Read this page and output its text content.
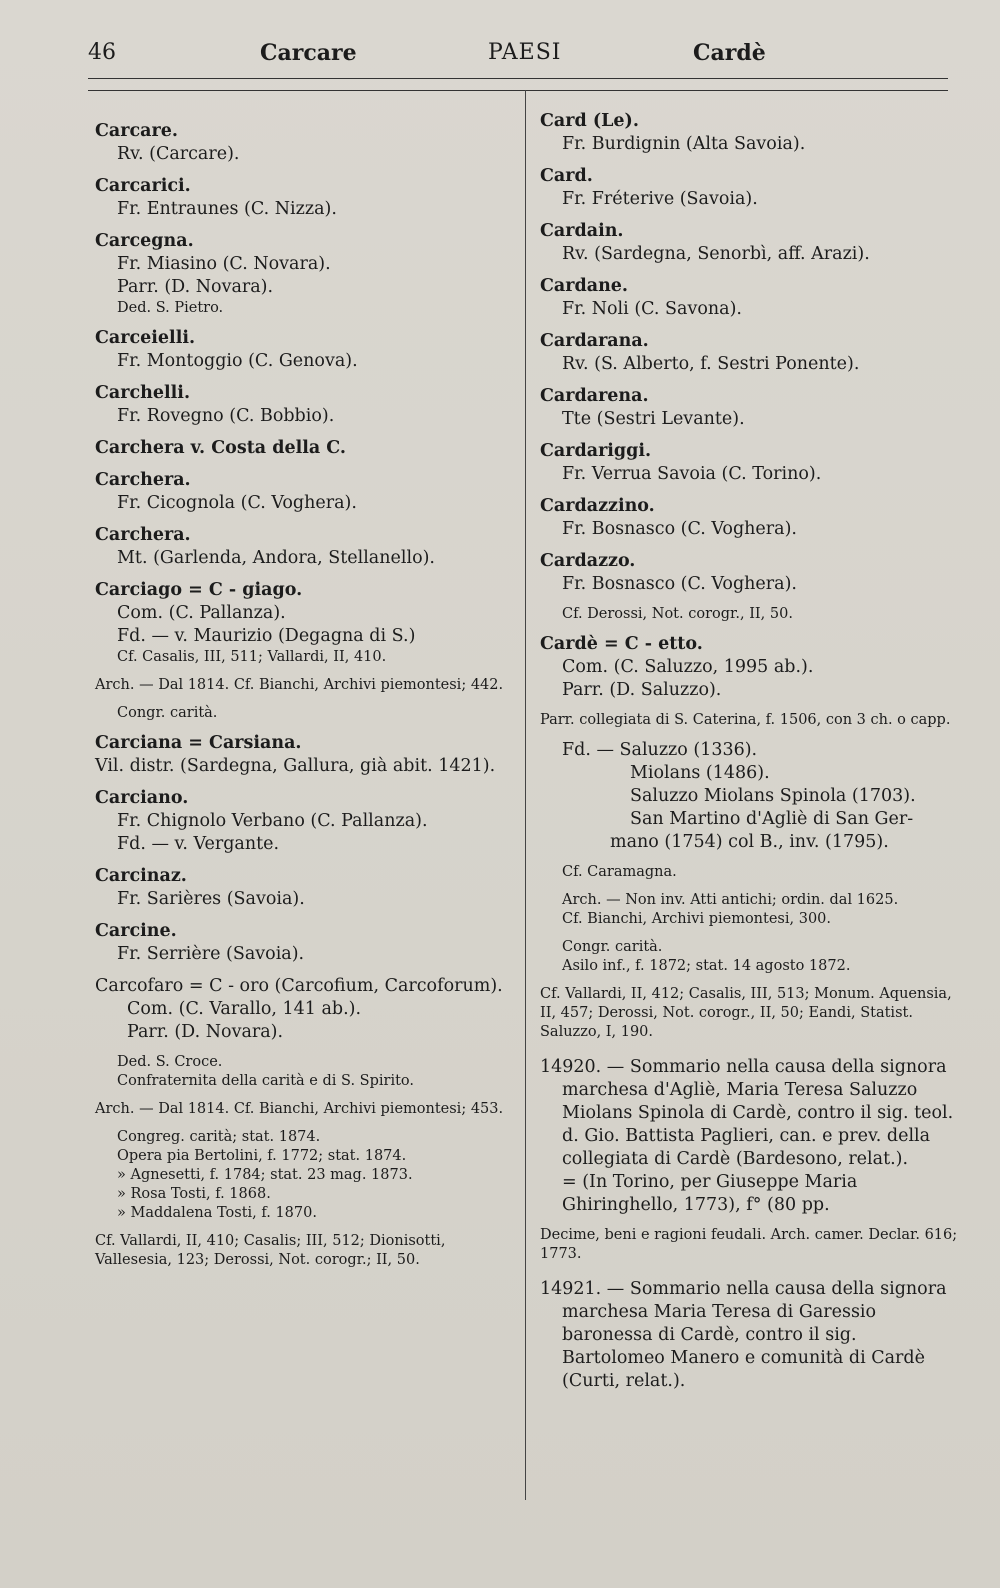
46	Carcare	PAESI	Cardè
Carcare.
Rv. (Carcare).
Carcarici.
Fr. Entraunes (C. Nizza).
Carcegna.
Fr. Miasino (C. Novara).
Parr. (D. Novara).
Ded. S. Pietro.
Carceielli.
Fr. Montoggio (C. Genova).
Carchelli.
Fr. Rovegno (C. Bobbio).
Carchera v. Costa della C.
Carchera.
Fr. Cicognola (C. Voghera).
Carchera.
Mt. (Garlenda, Andora, Stellanello).
Carciago = C - giago.
Com. (C. Pallanza).
Fd. — v. Maurizio (Degagna di S.)
Cf. Casalis, III, 511; Vallardi, II, 410.
Arch. — Dal 1814. Cf. Bianchi, Archivi piemontesi; 442.
Congr. carità.
Carciana = Carsiana.
Vil. distr. (Sardegna, Gallura, già abit. 1421).
Carciano.
Fr. Chignolo Verbano (C. Pallanza).
Fd. — v. Vergante.
Carcinaz.
Fr. Sarières (Savoia).
Carcine.
Fr. Serrière (Savoia).
Carcofaro = C - oro (Carcofium, Carcoforum).
Com. (C. Varallo, 141 ab.).
Parr. (D. Novara).
Ded. S. Croce.
Confraternita della carità e di S. Spirito.
Arch. — Dal 1814. Cf. Bianchi, Archivi piemontesi; 453.
Congreg. carità; stat. 1874.
Opera pia Bertolini, f. 1772; stat. 1874.
» Agnesetti, f. 1784; stat. 23 mag. 1873.
» Rosa Tosti, f. 1868.
» Maddalena Tosti, f. 1870.
Cf. Vallardi, II, 410; Casalis; III, 512; Dionisotti, Vallesesia, 123; Derossi, Not. corogr.; II, 50.
Card (Le).
Fr. Burdignin (Alta Savoia).
Card.
Fr. Fréterive (Savoia).
Cardain.
Rv. (Sardegna, Senorbì, aff. Arazi).
Cardane.
Fr. Noli (C. Savona).
Cardarana.
Rv. (S. Alberto, f. Sestri Ponente).
Cardarena.
Tte (Sestri Levante).
Cardariggi.
Fr. Verrua Savoia (C. Torino).
Cardazzino.
Fr. Bosnasco (C. Voghera).
Cardazzo.
Fr. Bosnasco (C. Voghera).
Cf. Derossi, Not. corogr., II, 50.
Cardè = C - etto.
Com. (C. Saluzzo, 1995 ab.).
Parr. (D. Saluzzo).
Parr. collegiata di S. Caterina, f. 1506, con 3 ch. o capp.
Fd. — Saluzzo (1336).
Miolans (1486).
Saluzzo Miolans Spinola (1703).
San Martino d'Agliè di San Ger-
mano (1754) col B., inv. (1795).
Cf. Caramagna.
Arch. — Non inv. Atti antichi; ordin. dal 1625.
Cf. Bianchi, Archivi piemontesi, 300.
Congr. carità.
Asilo inf., f. 1872; stat. 14 agosto 1872.
Cf. Vallardi, II, 412; Casalis, III, 513; Monum. Aquensia, II, 457; Derossi, Not. corogr., II, 50; Eandi, Statist. Saluzzo, I, 190.
14920. — Sommario nella causa della signora marchesa d'Agliè, Maria Teresa Saluzzo Miolans Spinola di Cardè, contro il sig. teol. d. Gio. Battista Paglieri, can. e prev. della collegiata di Cardè (Bardesono, relat.).
= (In Torino, per Giuseppe Maria
Ghiringhello, 1773), f° (80 pp.
Decime, beni e ragioni feudali. Arch. camer. Declar. 616; 1773.
14921. — Sommario nella causa della signora marchesa Maria Teresa di Garessio baronessa di Cardè, contro il sig. Bartolomeo Manero e comunità di Cardè (Curti, relat.).
